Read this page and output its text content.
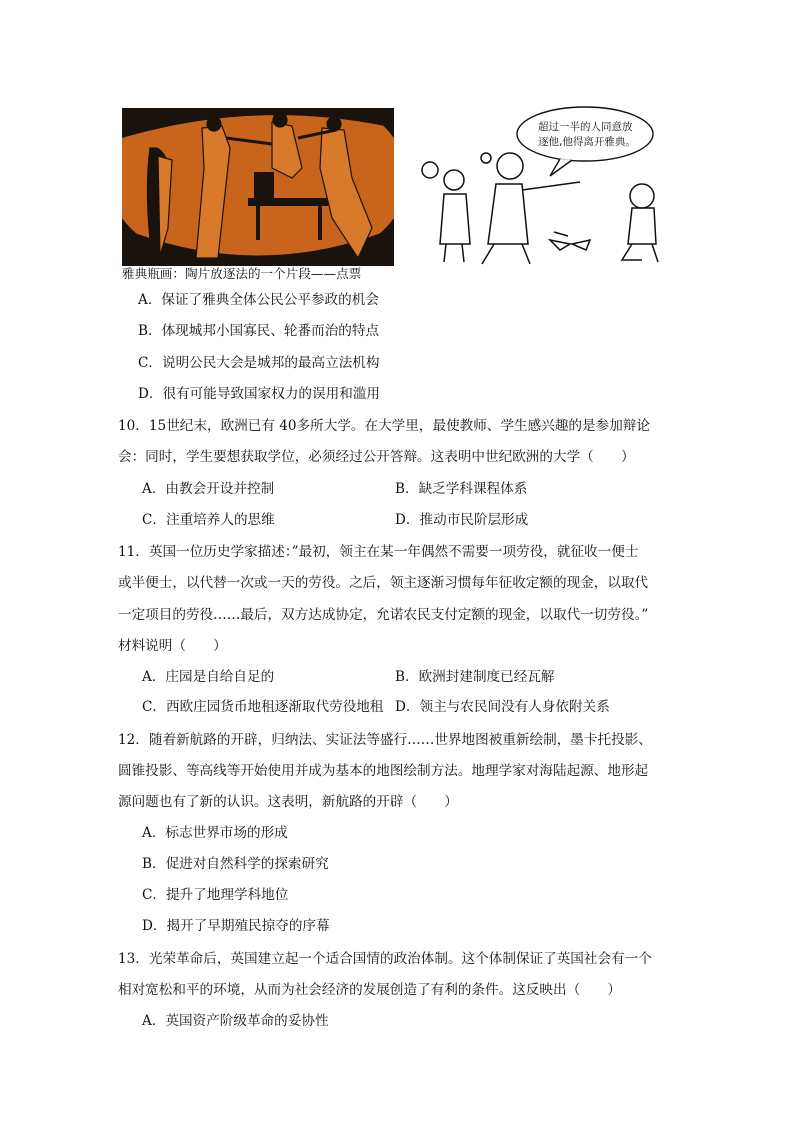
雅典瓶画：陶片放逐法的一个片段——点票
超过一半的人同意放
逐他,他得离开雅典。
A．保证了雅典全体公民公平参政的机会
B．体现城邦小国寡民、轮番而治的特点
C．说明公民大会是城邦的最高立法机构
D．很有可能导致国家权力的误用和滥用
10．15世纪末，欧洲已有 40多所大学。在大学里，最使教师、学生感兴趣的是参加辩论
会：同时，学生要想获取学位，必须经过公开答辩。这表明中世纪欧洲的大学（　　）
A．由教会开设并控制	B．缺乏学科课程体系
C．注重培养人的思维	D．推动市民阶层形成
11．英国一位历史学家描述：”最初，领主在某一年偶然不需要一项劳役，就征收一便士
或半便士，以代替一次或一天的劳役。之后，领主逐渐习惯每年征收定额的现金，以取代
一定项目的劳役……最后，双方达成协定，允诺农民支付定额的现金，以取代一切劳役。”
材料说明（　　）
A．庄园是自给自足的	B．欧洲封建制度已经瓦解
C．西欧庄园货币地租逐渐取代劳役地租 D．领主与农民间没有人身依附关系
12．随着新航路的开辟，归纳法、实证法等盛行……世界地图被重新绘制，墨卡托投影、
圆锥投影、等高线等开始使用并成为基本的地图绘制方法。地理学家对海陆起源、地形起
源问题也有了新的认识。这表明，新航路的开辟（　　）
A．标志世界市场的形成
B．促进对自然科学的探索研究
C．提升了地理学科地位
D．揭开了早期殖民掠夺的序幕
13．光荣革命后，英国建立起一个适合国情的政治体制。这个体制保证了英国社会有一个
相对宽松和平的环境，从而为社会经济的发展创造了有利的条件。这反映出（　　）
A．英国资产阶级革命的妥协性
